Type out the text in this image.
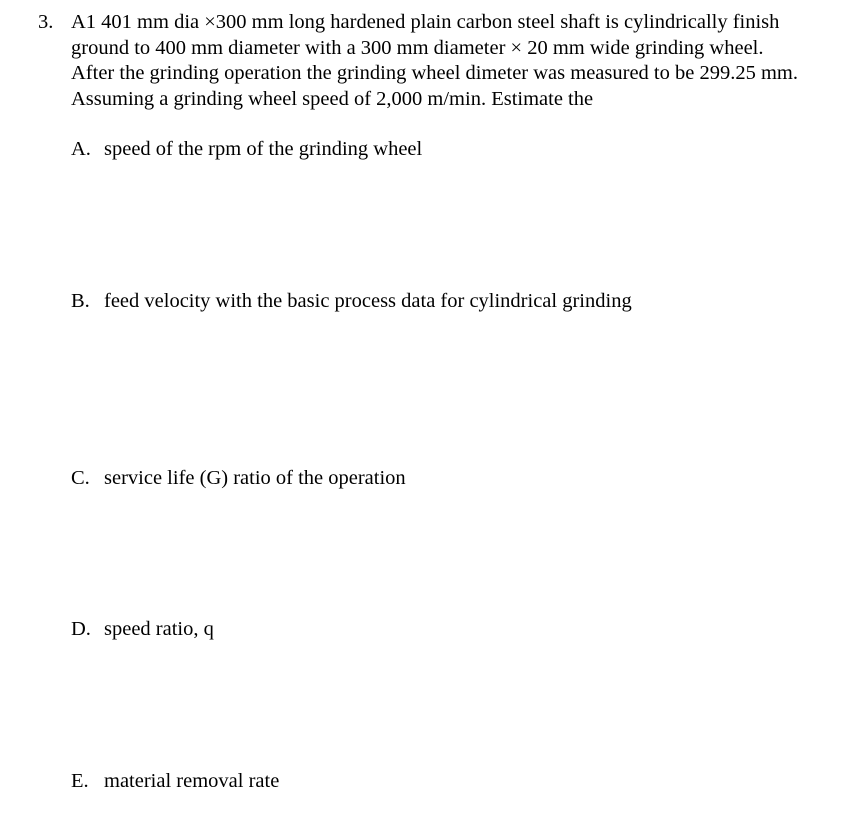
3. A1 401 mm dia ×300 mm long hardened plain carbon steel shaft is cylindrically finish
ground to 400 mm diameter with a 300 mm diameter × 20 mm wide grinding wheel.
After the grinding operation the grinding wheel dimeter was measured to be 299.25 mm.
Assuming a grinding wheel speed of 2,000 m/min. Estimate the
A. speed of the rpm of the grinding wheel
B. feed velocity with the basic process data for cylindrical grinding
C. service life (G) ratio of the operation
D. speed ratio, q
E. material removal rate
